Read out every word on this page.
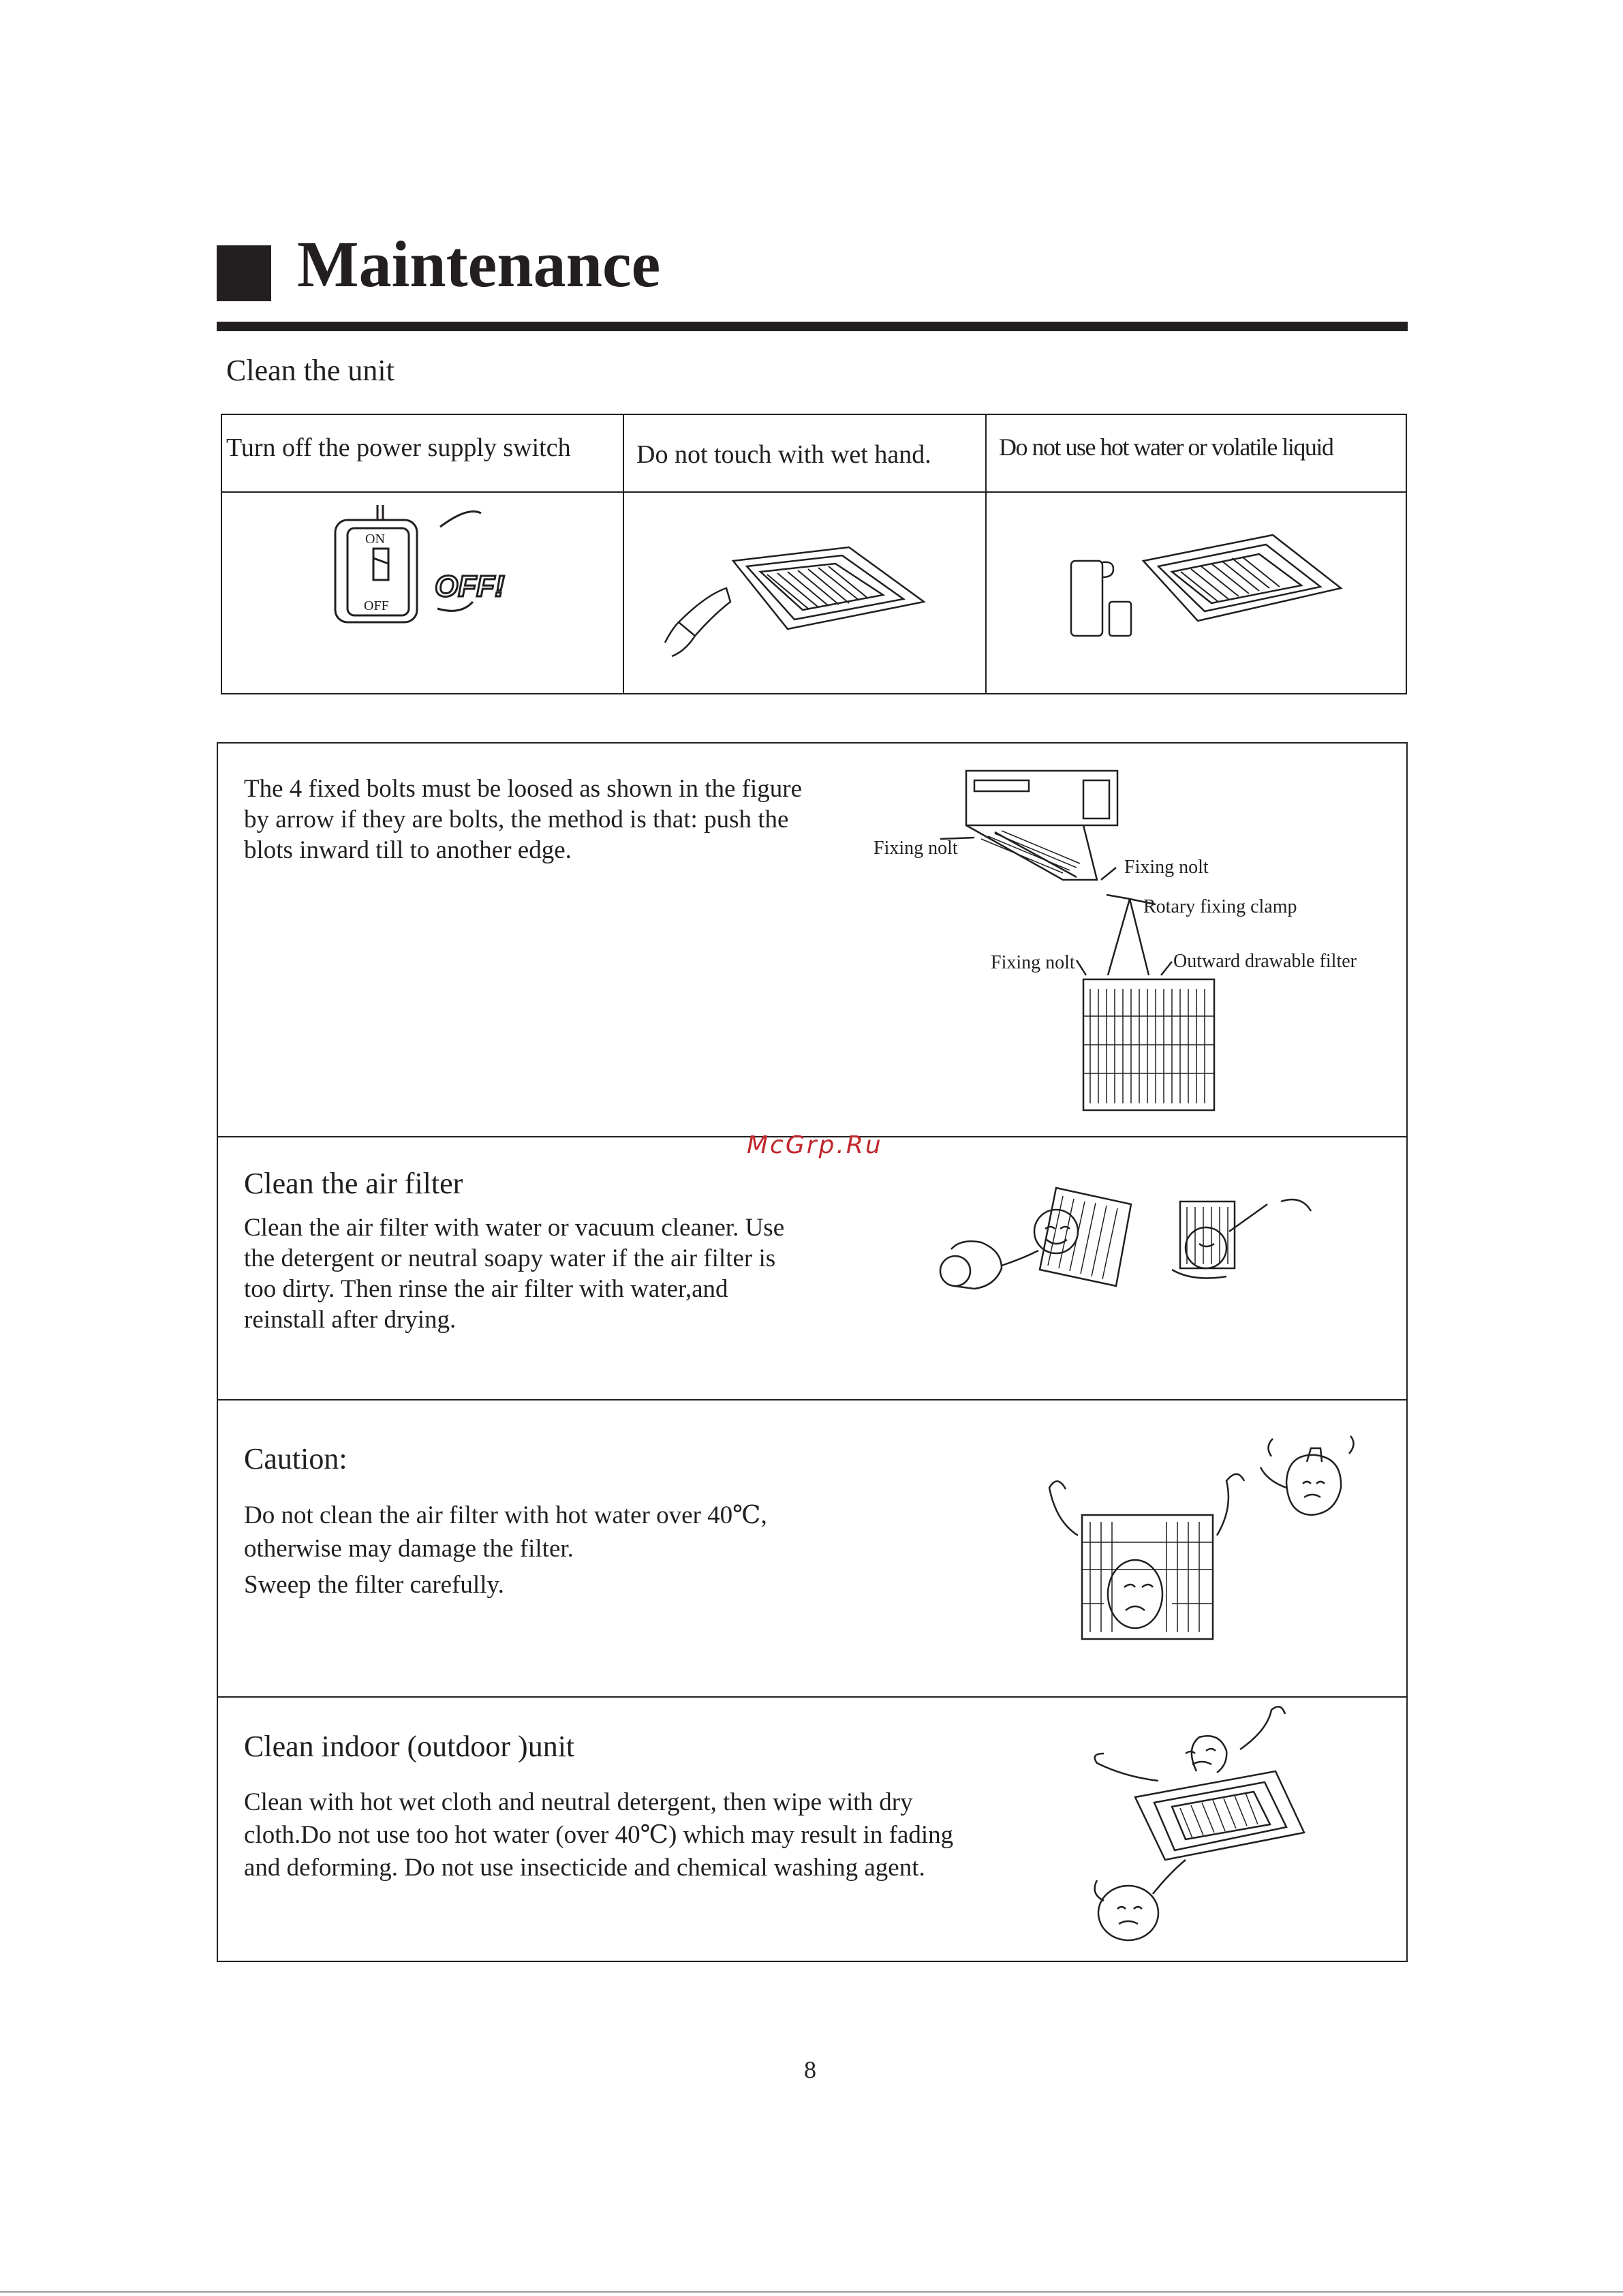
Maintenance
Clean the unit
Turn off the power supply switch	Do not touch with wet hand.	Do not use hot water or volatile liquid
ON
OFF
OFF!
The 4 fixed bolts must be loosed as shown in the figure by arrow if they are bolts, the method is that: push the blots inward till to another edge.	Fixing nolt
Fixing nolt
Rotary fixing clamp
Fixing nolt	Outward drawable filter
Clean the air filter
Clean the air filter with water or vacuum cleaner. Use the detergent or neutral soapy water if the air filter is too dirty. Then rinse the air filter with water,and reinstall after drying.
Caution:
Do not clean the air filter with hot water over 40℃, otherwise may damage the filter.
Sweep the filter carefully.
Clean indoor (outdoor )unit
Clean with hot wet cloth and neutral detergent, then wipe with dry cloth.Do not use too hot water (over 40℃) which may result in fading and deforming. Do not use insecticide and chemical washing agent.
McGrp.Ru
8
